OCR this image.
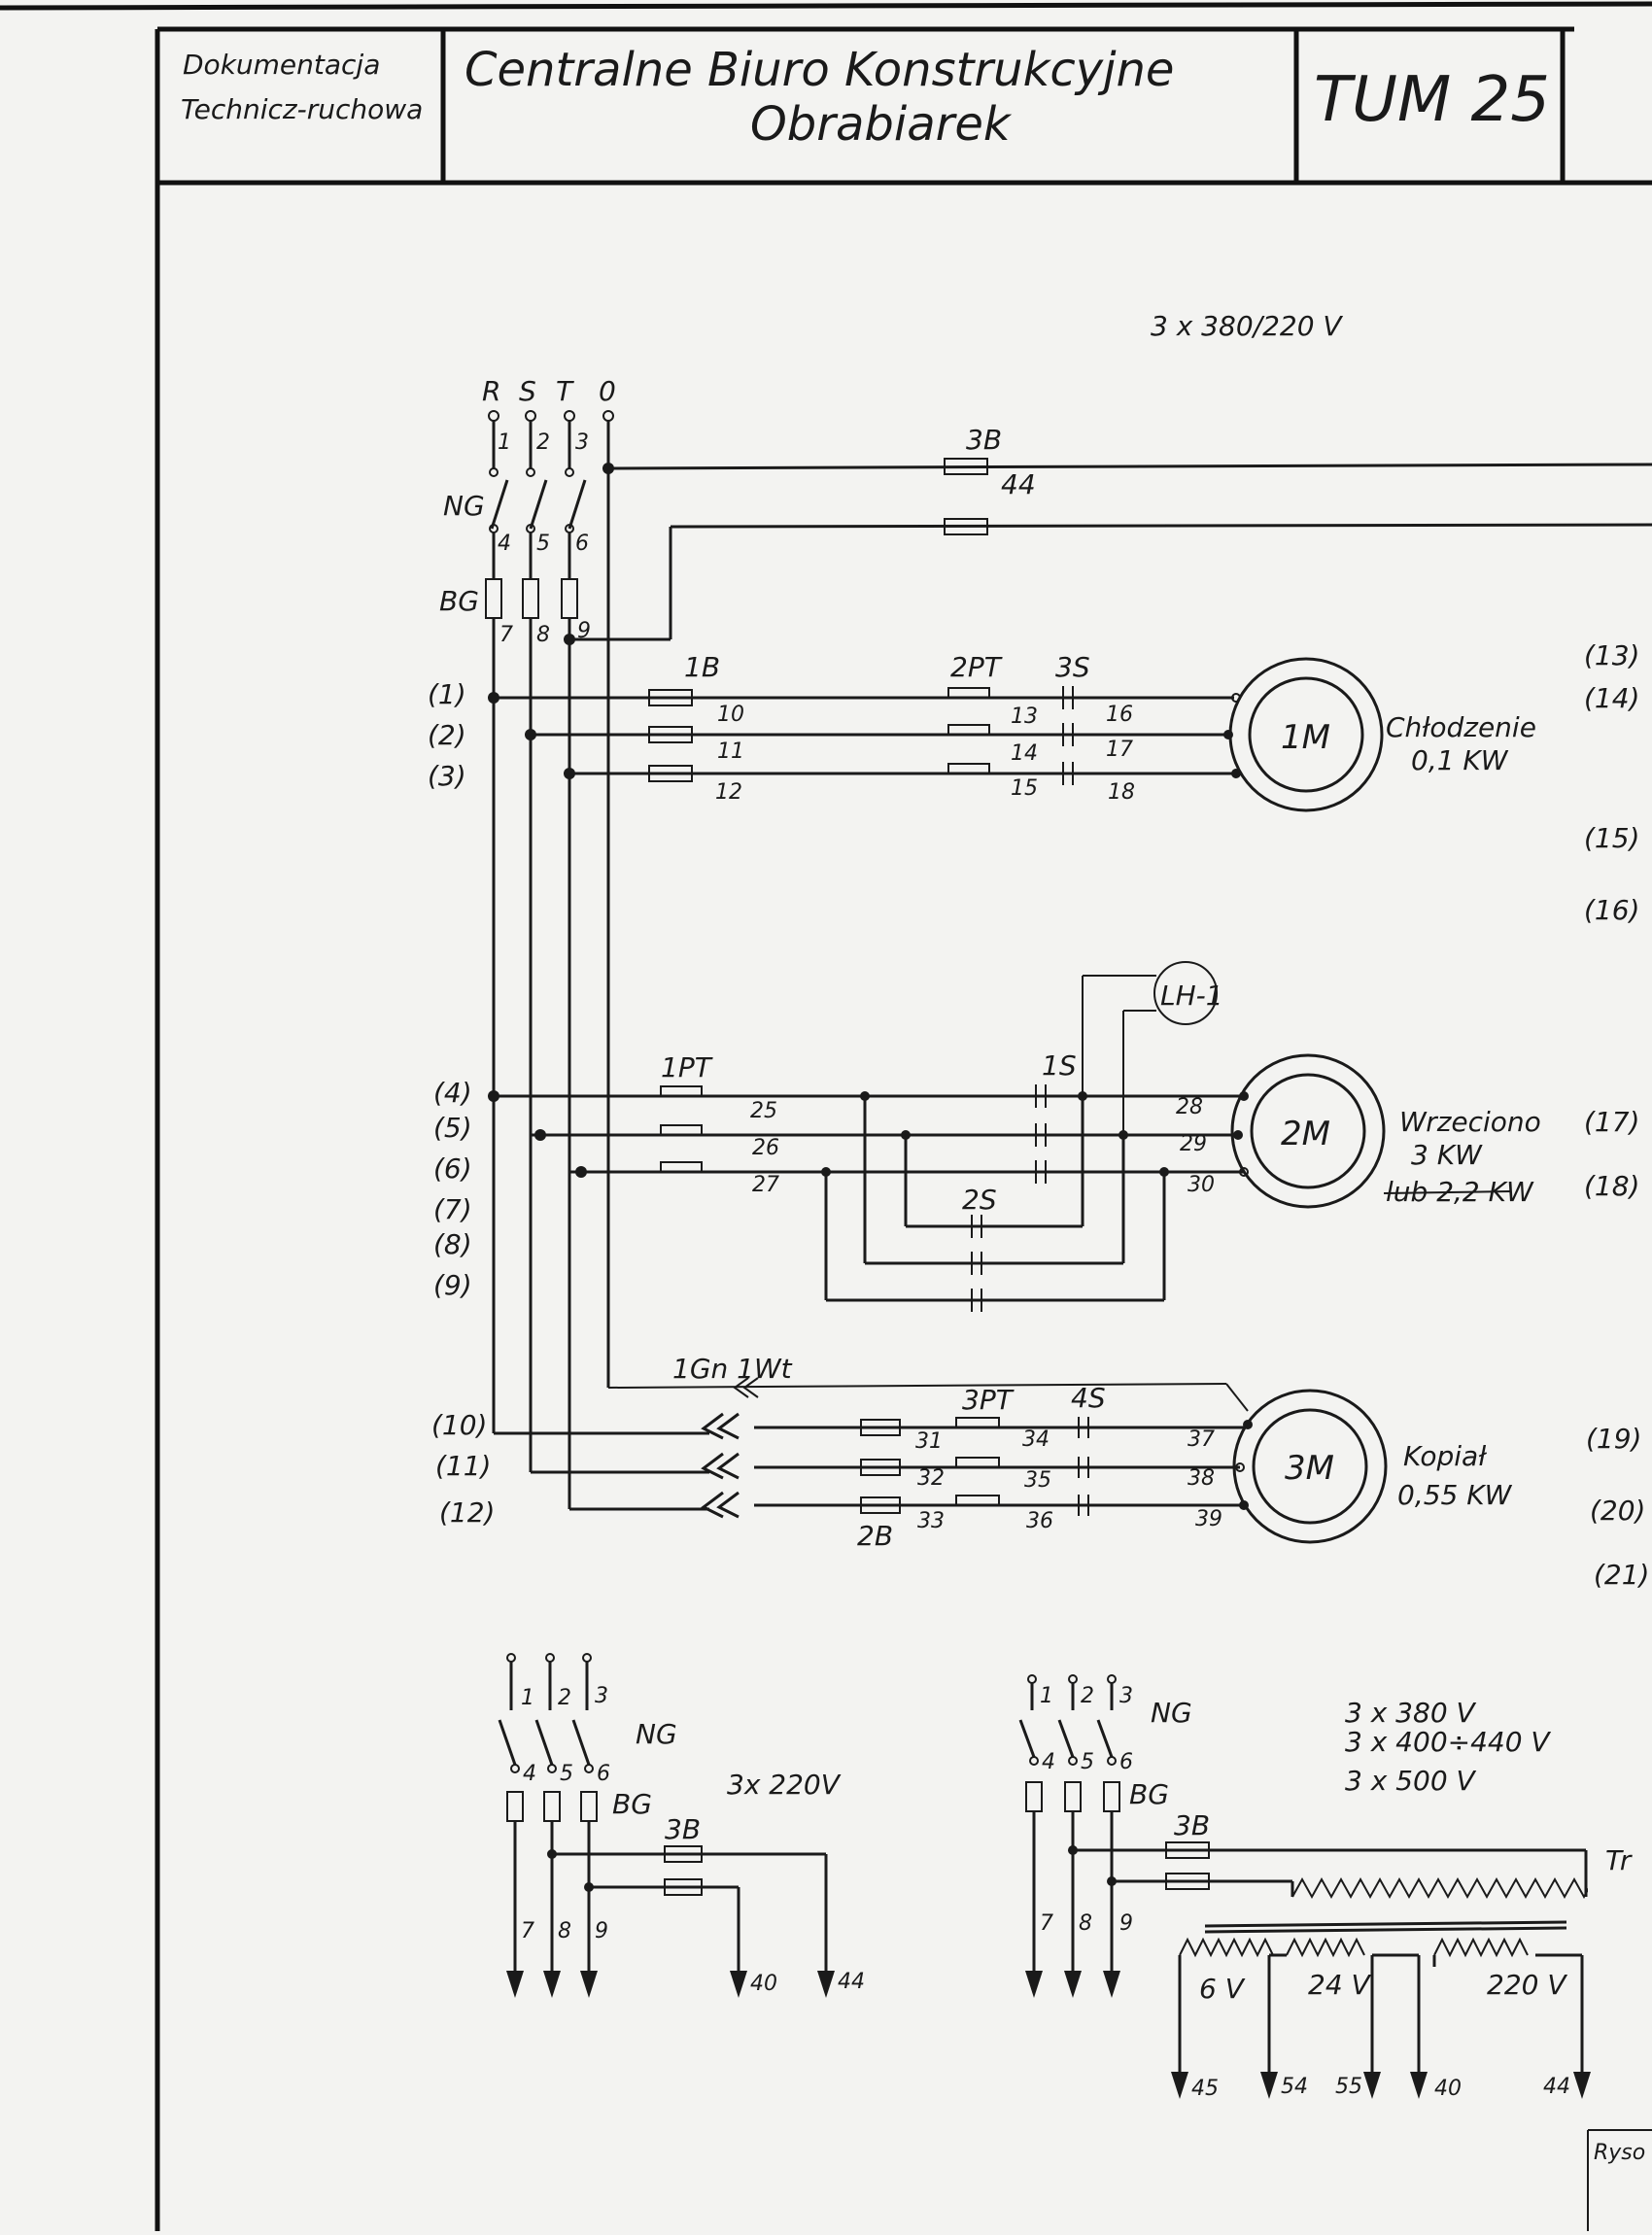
Dokumentacja
Technicz-ruchowa
Centralne Biuro Konstrukcyjne
Obrabiarek	TUM 25
3 x 380/220 V
R S T 0
1 2 3
NG
4 5 6
BG
7 8 9
3B
44
(1)
(2)
(3)
(4)
(5)
(6)
(7)
(8)
(9)
(10)
(11)
(12)
(13)
(14)
(15)
(16)
(17)
(18)
(19)
(20)
(21)
1B
10
11
12
2PT
13
14
15
3S
16
17
18
1M Chłodzenie
0,1 KW
1PT
25
26
27
1S
2S
LH-1
28
29
30
2M	Wrzeciono
3 KW
lub 2,2 KW
1Gn 1Wt
2B
31
32
33
3PT
34
35
36
4S
37
38
39
3M	Kopiał
0,55 KW
1 2 3
NG
4 5 6
BG
7 8 9
3x 220V
3B
40	44
1 2 3
NG
4 5 6
BG
7 8 9
3 x 380 V
3 x 400÷440 V
3 x 500 V
3B
Tr
6 V 24 V	220 V
45	54 55	40	44
Ryso
